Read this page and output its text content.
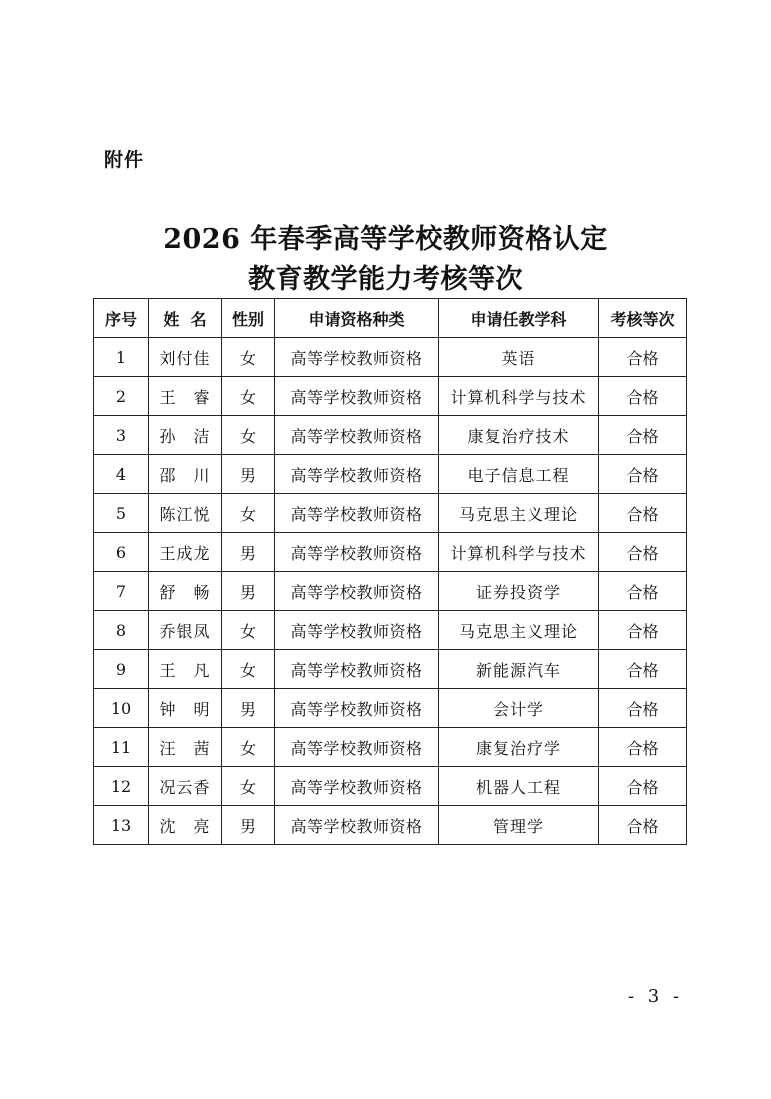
附件
2026 年春季高等学校教师资格认定
教育教学能力考核等次
序号	姓  名	性别	申请资格种类	申请任教学科	考核等次
1	刘付佳	女	高等学校教师资格	英语	合格
2	王　睿	女	高等学校教师资格	计算机科学与技术	合格
3	孙　洁	女	高等学校教师资格	康复治疗技术	合格
4	邵　川	男	高等学校教师资格	电子信息工程	合格
5	陈江悦	女	高等学校教师资格	马克思主义理论	合格
6	王成龙	男	高等学校教师资格	计算机科学与技术	合格
7	舒　畅	男	高等学校教师资格	证券投资学	合格
8	乔银凤	女	高等学校教师资格	马克思主义理论	合格
9	王　凡	女	高等学校教师资格	新能源汽车	合格
10	钟　明	男	高等学校教师资格	会计学	合格
11	汪　茜	女	高等学校教师资格	康复治疗学	合格
12	况云香	女	高等学校教师资格	机器人工程	合格
13	沈　亮	男	高等学校教师资格	管理学	合格
- 3 -
